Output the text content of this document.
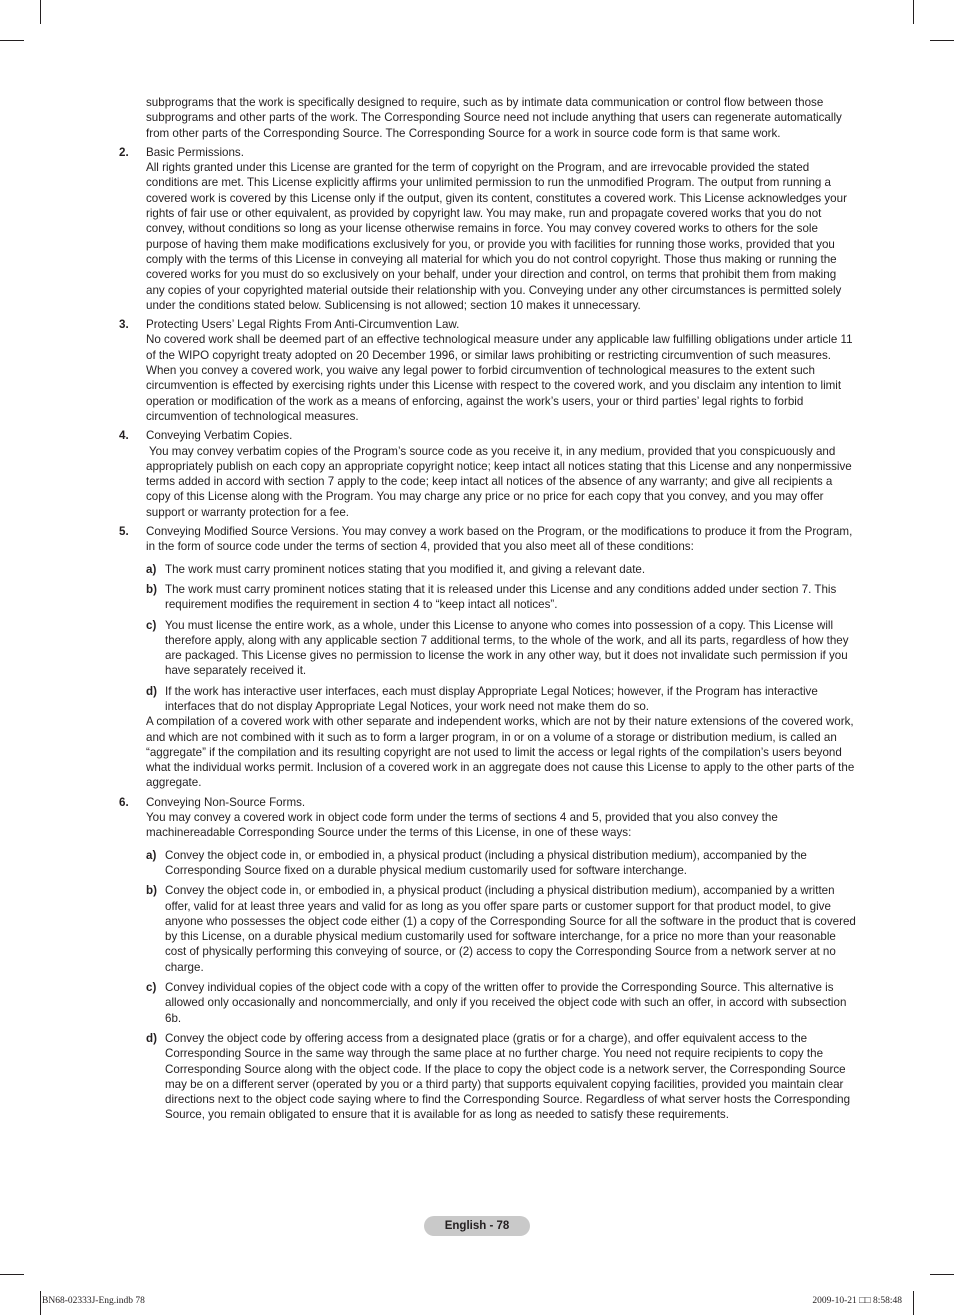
subprograms that the work is specifically designed to require, such as by intimate data communication or control flow between those subprograms and other parts of the work. The Corresponding Source need not include anything that users can regenerate automatically from other parts of the Corresponding Source. The Corresponding Source for a work in source code form is that same work.

2. Basic Permissions.

All rights granted under this License are granted for the term of copyright on the Program, and are irrevocable provided the stated conditions are met. This License explicitly affirms your unlimited permission to run the unmodified Program. The output from running a covered work is covered by this License only if the output, given its content, constitutes a covered work. This License acknowledges your rights of fair use or other equivalent, as provided by copyright law. You may make, run and propagate covered works that you do not convey, without conditions so long as your license otherwise remains in force. You may convey covered works to others for the sole purpose of having them make modifications exclusively for you, or provide you with facilities for running those works, provided that you comply with the terms of this License in conveying all material for which you do not control copyright. Those thus making or running the covered works for you must do so exclusively on your behalf, under your direction and control, on terms that prohibit them from making any copies of your copyrighted material outside their relationship with you. Conveying under any other circumstances is permitted solely under the conditions stated below. Sublicensing is not allowed; section 10 makes it unnecessary.

3. Protecting Users’ Legal Rights From Anti-Circumvention Law.

No covered work shall be deemed part of an effective technological measure under any applicable law fulfilling obligations under article 11 of the WIPO copyright treaty adopted on 20 December 1996, or similar laws prohibiting or restricting circumvention of such measures. When you convey a covered work, you waive any legal power to forbid circumvention of technological measures to the extent such circumvention is effected by exercising rights under this License with respect to the covered work, and you disclaim any intention to limit operation or modification of the work as a means of enforcing, against the work’s users, your or third parties’ legal rights to forbid circumvention of technological measures.

4. Conveying Verbatim Copies.

You may convey verbatim copies of the Program’s source code as you receive it, in any medium, provided that you conspicuously and appropriately publish on each copy an appropriate copyright notice; keep intact all notices stating that this License and any nonpermissive terms added in accord with section 7 apply to the code; keep intact all notices of the absence of any warranty; and give all recipients a copy of this License along with the Program. You may charge any price or no price for each copy that you convey, and you may offer support or warranty protection for a fee.

5. Conveying Modified Source Versions. You may convey a work based on the Program, or the modifications to produce it from the Program, in the form of source code under the terms of section 4, provided that you also meet all of these conditions:

a) The work must carry prominent notices stating that you modified it, and giving a relevant date.

b) The work must carry prominent notices stating that it is released under this License and any conditions added under section 7. This requirement modifies the requirement in section 4 to “keep intact all notices”.

c) You must license the entire work, as a whole, under this License to anyone who comes into possession of a copy. This License will therefore apply, along with any applicable section 7 additional terms, to the whole of the work, and all its parts, regardless of how they are packaged. This License gives no permission to license the work in any other way, but it does not invalidate such permission if you have separately received it.

d) If the work has interactive user interfaces, each must display Appropriate Legal Notices; however, if the Program has interactive interfaces that do not display Appropriate Legal Notices, your work need not make them do so.

A compilation of a covered work with other separate and independent works, which are not by their nature extensions of the covered work, and which are not combined with it such as to form a larger program, in or on a volume of a storage or distribution medium, is called an “aggregate” if the compilation and its resulting copyright are not used to limit the access or legal rights of the compilation’s users beyond what the individual works permit. Inclusion of a covered work in an aggregate does not cause this License to apply to the other parts of the aggregate.

6. Conveying Non-Source Forms.

You may convey a covered work in object code form under the terms of sections 4 and 5, provided that you also convey the machinereadable Corresponding Source under the terms of this License, in one of these ways:

a) Convey the object code in, or embodied in, a physical product (including a physical distribution medium), accompanied by the Corresponding Source fixed on a durable physical medium customarily used for software interchange.

b) Convey the object code in, or embodied in, a physical product (including a physical distribution medium), accompanied by a written offer, valid for at least three years and valid for as long as you offer spare parts or customer support for that product model, to give anyone who possesses the object code either (1) a copy of the Corresponding Source for all the software in the product that is covered by this License, on a durable physical medium customarily used for software interchange, for a price no more than your reasonable cost of physically performing this conveying of source, or (2) access to copy the Corresponding Source from a network server at no charge.

c) Convey individual copies of the object code with a copy of the written offer to provide the Corresponding Source. This alternative is allowed only occasionally and noncommercially, and only if you received the object code with such an offer, in accord with subsection 6b.

d) Convey the object code by offering access from a designated place (gratis or for a charge), and offer equivalent access to the Corresponding Source in the same way through the same place at no further charge. You need not require recipients to copy the Corresponding Source along with the object code. If the place to copy the object code is a network server, the Corresponding Source may be on a different server (operated by you or a third party) that supports equivalent copying facilities, provided you maintain clear directions next to the object code saying where to find the Corresponding Source. Regardless of what server hosts the Corresponding Source, you remain obligated to ensure that it is available for as long as needed to satisfy these requirements.

English - 78
BN68-02333J-Eng.indb 78	2009-10-21 □□ 8:58:48
